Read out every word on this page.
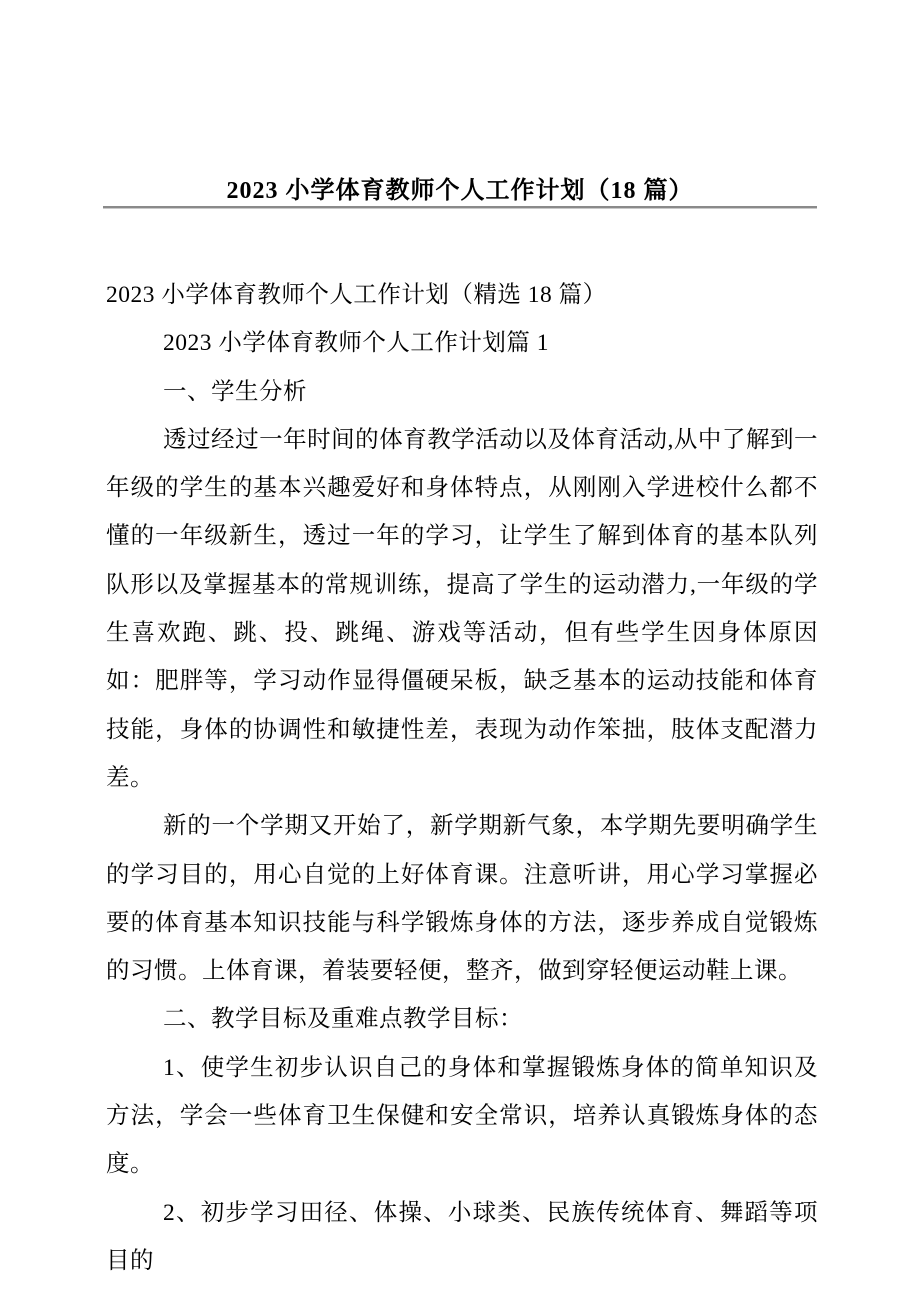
2023 小学体育教师个人工作计划（18 篇）

2023 小学体育教师个人工作计划（精选 18 篇）

2023 小学体育教师个人工作计划篇 1

一、学生分析

透过经过一年时间的体育教学活动以及体育活动,从中了解到一年级的学生的基本兴趣爱好和身体特点，从刚刚入学进校什么都不懂的一年级新生，透过一年的学习，让学生了解到体育的基本队列队形以及掌握基本的常规训练，提高了学生的运动潜力,一年级的学生喜欢跑、跳、投、跳绳、游戏等活动，但有些学生因身体原因如：肥胖等，学习动作显得僵硬呆板，缺乏基本的运动技能和体育技能，身体的协调性和敏捷性差，表现为动作笨拙，肢体支配潜力差。

新的一个学期又开始了，新学期新气象，本学期先要明确学生的学习目的，用心自觉的上好体育课。注意听讲，用心学习掌握必要的体育基本知识技能与科学锻炼身体的方法，逐步养成自觉锻炼的习惯。上体育课，着装要轻便，整齐，做到穿轻便运动鞋上课。

二、教学目标及重难点教学目标：

1、使学生初步认识自己的身体和掌握锻炼身体的简单知识及方法，学会一些体育卫生保健和安全常识，培养认真锻炼身体的态度。

2、初步学习田径、体操、小球类、民族传统体育、舞蹈等项目的
